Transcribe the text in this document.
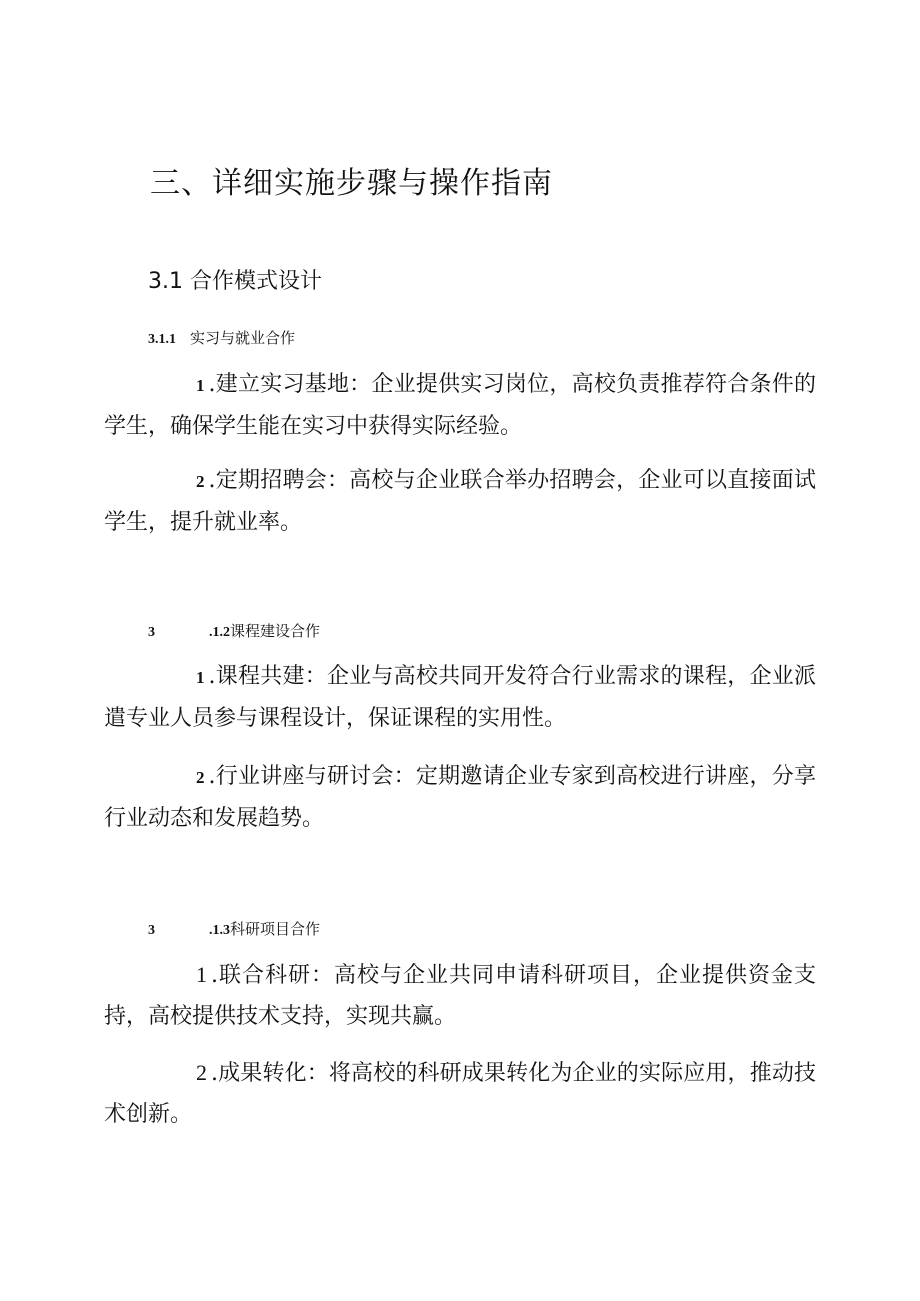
三、详细实施步骤与操作指南
3.1 合作模式设计
3.1.1 实习与就业合作
1 .建立实习基地：企业提供实习岗位，高校负责推荐符合条件的学生，确保学生能在实习中获得实际经验。
2 .定期招聘会：高校与企业联合举办招聘会，企业可以直接面试学生，提升就业率。
3	.1.2课程建设合作
1 .课程共建：企业与高校共同开发符合行业需求的课程，企业派遣专业人员参与课程设计，保证课程的实用性。
2 .行业讲座与研讨会：定期邀请企业专家到高校进行讲座，分享行业动态和发展趋势。
3	.1.3科研项目合作
1 .联合科研：高校与企业共同申请科研项目，企业提供资金支持，高校提供技术支持，实现共赢。
2 .成果转化：将高校的科研成果转化为企业的实际应用，推动技术创新。
